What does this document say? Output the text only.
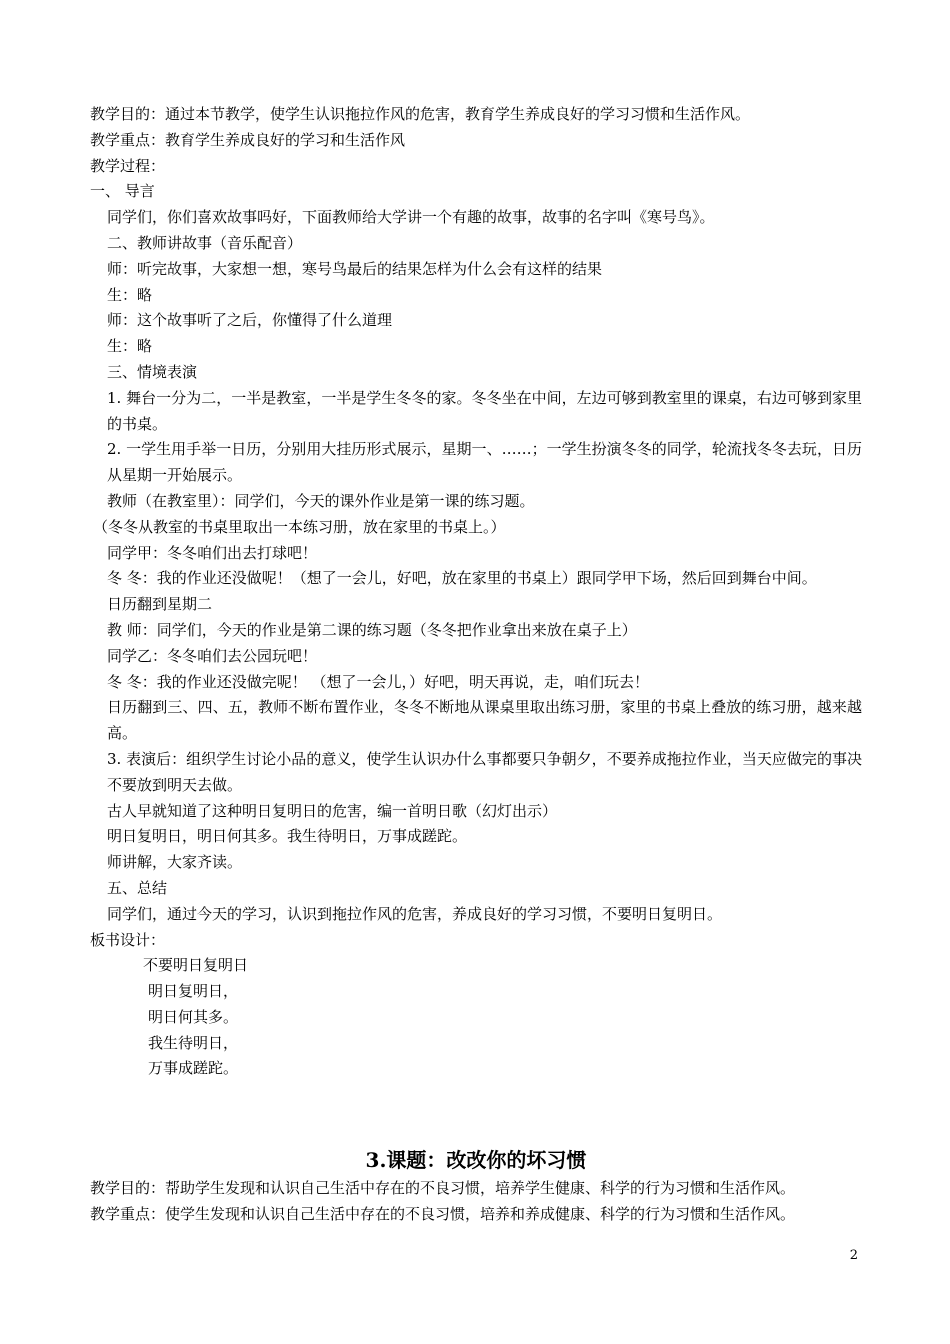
教学目的：通过本节教学，使学生认识拖拉作风的危害，教育学生养成良好的学习习惯和生活作风。
教学重点：教育学生养成良好的学习和生活作风
教学过程：
一、 导言
同学们，你们喜欢故事吗好，下面教师给大学讲一个有趣的故事，故事的名字叫《寒号鸟》。
二、教师讲故事（音乐配音）
师：听完故事，大家想一想，寒号鸟最后的结果怎样为什么会有这样的结果
生：略
师：这个故事听了之后，你懂得了什么道理
生：略
三、情境表演
1. 舞台一分为二，一半是教室，一半是学生冬冬的家。冬冬坐在中间，左边可够到教室里的课桌，右边可够到家里的书桌。
2. 一学生用手举一日历，分别用大挂历形式展示，星期一、……；一学生扮演冬冬的同学，轮流找冬冬去玩，日历从星期一开始展示。
教师（在教室里）：同学们，今天的课外作业是第一课的练习题。
（冬冬从教室的书桌里取出一本练习册，放在家里的书桌上。）
同学甲：冬冬咱们出去打球吧！
冬 冬：我的作业还没做呢！（想了一会儿，好吧，放在家里的书桌上）跟同学甲下场，然后回到舞台中间。
日历翻到星期二
教 师：同学们，今天的作业是第二课的练习题（冬冬把作业拿出来放在桌子上）
同学乙：冬冬咱们去公园玩吧！
冬 冬：我的作业还没做完呢！ （想了一会儿，）好吧，明天再说，走，咱们玩去！
日历翻到三、四、五，教师不断布置作业，冬冬不断地从课桌里取出练习册，家里的书桌上叠放的练习册，越来越高。
3. 表演后：组织学生讨论小品的意义，使学生认识办什么事都要只争朝夕，不要养成拖拉作业，当天应做完的事决不要放到明天去做。
古人早就知道了这种明日复明日的危害，编一首明日歌（幻灯出示）
明日复明日，明日何其多。我生待明日，万事成蹉跎。
师讲解，大家齐读。
五、总结
同学们，通过今天的学习，认识到拖拉作风的危害，养成良好的学习习惯，不要明日复明日。
板书设计：
不要明日复明日
明日复明日，
明日何其多。
我生待明日，
万事成蹉跎。
3.课题：改改你的坏习惯
教学目的：帮助学生发现和认识自己生活中存在的不良习惯，培养学生健康、科学的行为习惯和生活作风。
教学重点：使学生发现和认识自己生活中存在的不良习惯，培养和养成健康、科学的行为习惯和生活作风。
2
